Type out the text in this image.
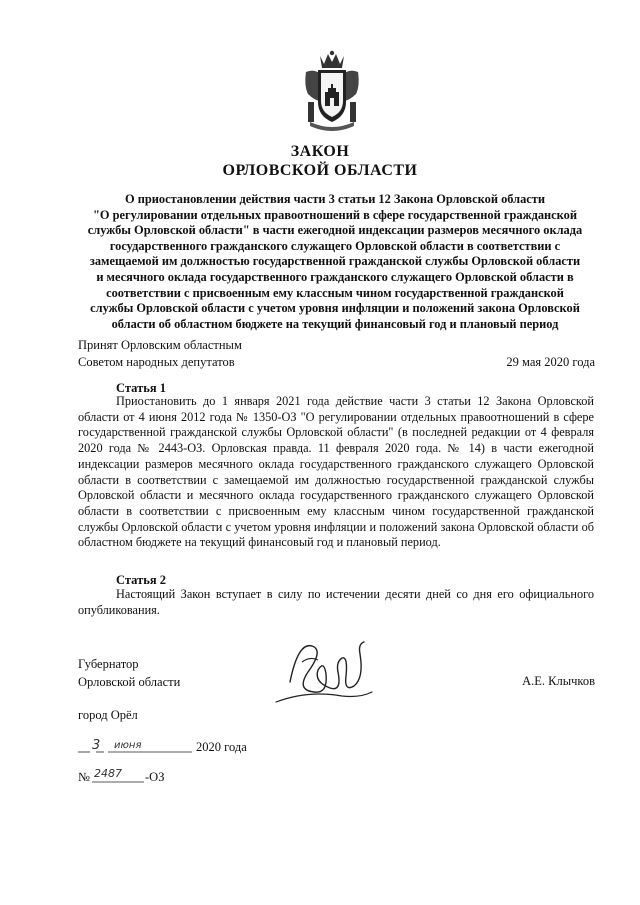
ЗАКОН
ОРЛОВСКОЙ ОБЛАСТИ
О приостановлении действия части 3 статьи 12 Закона Орловской области
"О регулировании отдельных правоотношений в сфере государственной гражданской
службы Орловской области" в части ежегодной индексации размеров месячного оклада
государственного гражданского служащего Орловской области в соответствии с
замещаемой им должностью государственной гражданской службы Орловской области
и месячного оклада государственного гражданского служащего Орловской области в
соответствии с присвоенным ему классным чином государственной гражданской
службы Орловской области с учетом уровня инфляции и положений закона Орловской
области об областном бюджете на текущий финансовый год и плановый период
Принят Орловским областным
Советом народных депутатов	29 мая 2020 года
Статья 1
Приостановить до 1 января 2021 года действие части 3 статьи 12 Закона Орловской области от 4 июня 2012 года № 1350-ОЗ "О регулировании отдельных правоотношений в сфере государственной гражданской службы Орловской области" (в последней редакции от 4 февраля 2020 года № 2443-ОЗ. Орловская правда. 11 февраля 2020 года. № 14) в части ежегодной индексации размеров месячного оклада государственного гражданского служащего Орловской области в соответствии с замещаемой им должностью государственной гражданской службы Орловской области и месячного оклада государственного гражданского служащего Орловской области в соответствии с присвоенным ему классным чином государственной гражданской службы Орловской области с учетом уровня инфляции и положений закона Орловской области об областном бюджете на текущий финансовый год и плановый период.
Статья 2
Настоящий Закон вступает в силу по истечении десяти дней со дня его официального опубликования.
Губернатор
Орловской области	А.Е. Клычков
город Орёл
3 июня	2020 года
№ 2487 -ОЗ
